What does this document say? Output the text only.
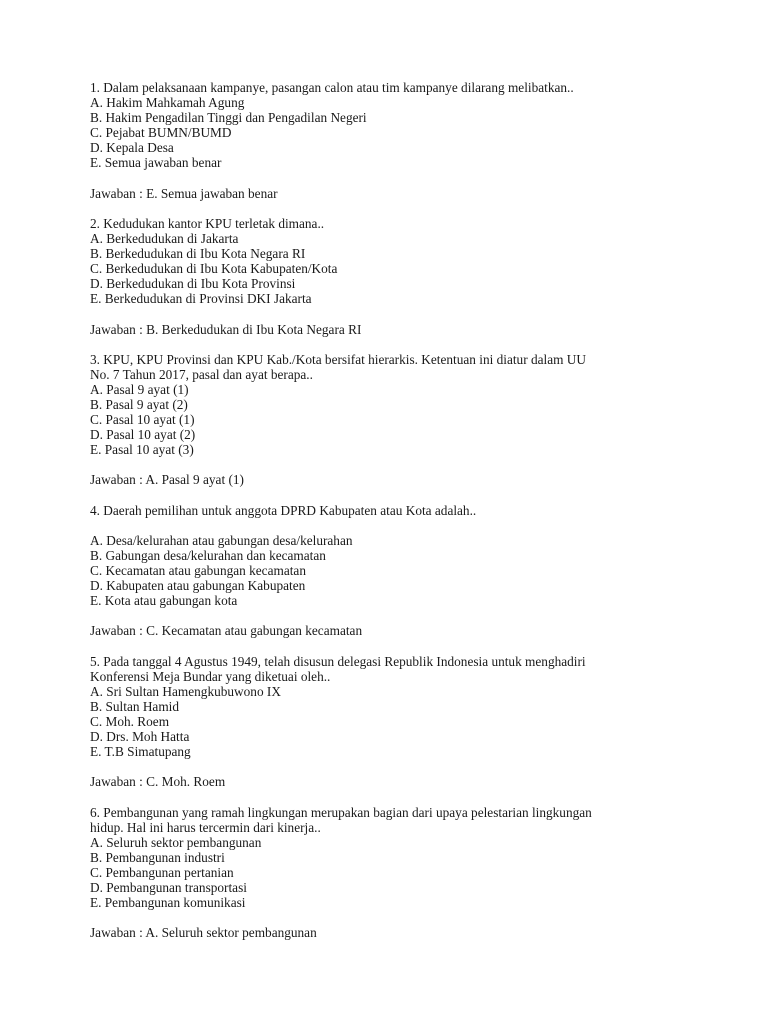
1. Dalam pelaksanaan kampanye, pasangan calon atau tim kampanye dilarang melibatkan..
A. Hakim Mahkamah Agung
B. Hakim Pengadilan Tinggi dan Pengadilan Negeri
C. Pejabat BUMN/BUMD
D. Kepala Desa
E. Semua jawaban benar
Jawaban : E. Semua jawaban benar
2. Kedudukan kantor KPU terletak dimana..
A. Berkedudukan di Jakarta
B. Berkedudukan di Ibu Kota Negara RI
C. Berkedudukan di Ibu Kota Kabupaten/Kota
D. Berkedudukan di Ibu Kota Provinsi
E. Berkedudukan di Provinsi DKI Jakarta
Jawaban : B. Berkedudukan di Ibu Kota Negara RI
3. KPU, KPU Provinsi dan KPU Kab./Kota bersifat hierarkis. Ketentuan ini diatur dalam UU
No. 7 Tahun 2017, pasal dan ayat berapa..
A. Pasal 9 ayat (1)
B. Pasal 9 ayat (2)
C. Pasal 10 ayat (1)
D. Pasal 10 ayat (2)
E. Pasal 10 ayat (3)
Jawaban : A. Pasal 9 ayat (1)
4. Daerah pemilihan untuk anggota DPRD Kabupaten atau Kota adalah..
A. Desa/kelurahan atau gabungan desa/kelurahan
B. Gabungan desa/kelurahan dan kecamatan
C. Kecamatan atau gabungan kecamatan
D. Kabupaten atau gabungan Kabupaten
E. Kota atau gabungan kota
Jawaban : C. Kecamatan atau gabungan kecamatan
5. Pada tanggal 4 Agustus 1949, telah disusun delegasi Republik Indonesia untuk menghadiri
Konferensi Meja Bundar yang diketuai oleh..
A. Sri Sultan Hamengkubuwono IX
B. Sultan Hamid
C. Moh. Roem
D. Drs. Moh Hatta
E. T.B Simatupang
Jawaban : C. Moh. Roem
6. Pembangunan yang ramah lingkungan merupakan bagian dari upaya pelestarian lingkungan
hidup. Hal ini harus tercermin dari kinerja..
A. Seluruh sektor pembangunan
B. Pembangunan industri
C. Pembangunan pertanian
D. Pembangunan transportasi
E. Pembangunan komunikasi
Jawaban : A. Seluruh sektor pembangunan
